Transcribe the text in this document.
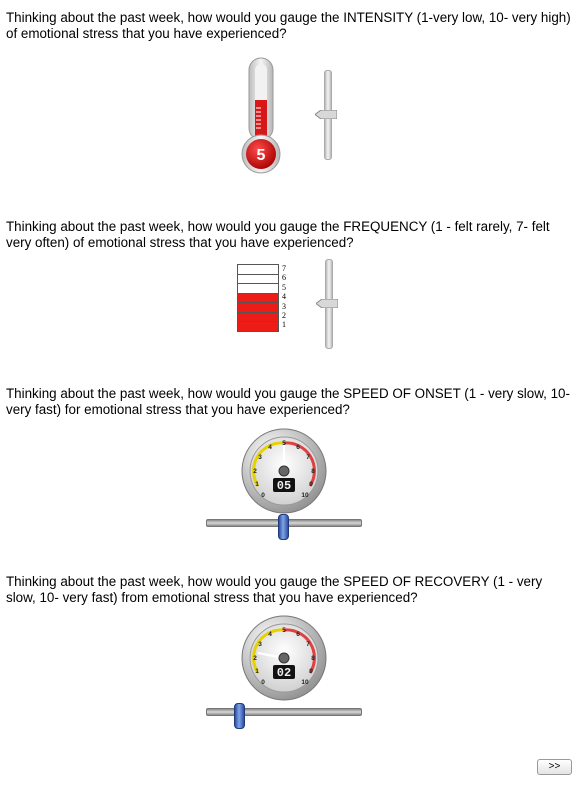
Thinking about the past week, how would you gauge the INTENSITY (1-very low, 10- very high) of emotional stress that you have experienced?
5
Thinking about the past week, how would you gauge the FREQUENCY (1 - felt rarely, 7- felt very often) of emotional stress that you have experienced?
7
6
5
4
3
2
1
Thinking about the past week, how would you gauge the SPEED OF ONSET (1 - very slow, 10- very fast) for emotional stress that you have experienced?
05
0
1
2
3
4
5
6
7
8
9
10
Thinking about the past week, how would you gauge the SPEED OF RECOVERY (1 - very slow, 10- very fast) from emotional stress that you have experienced?
02
0
1
2
3
4
5
6
7
8
9
10
>>
